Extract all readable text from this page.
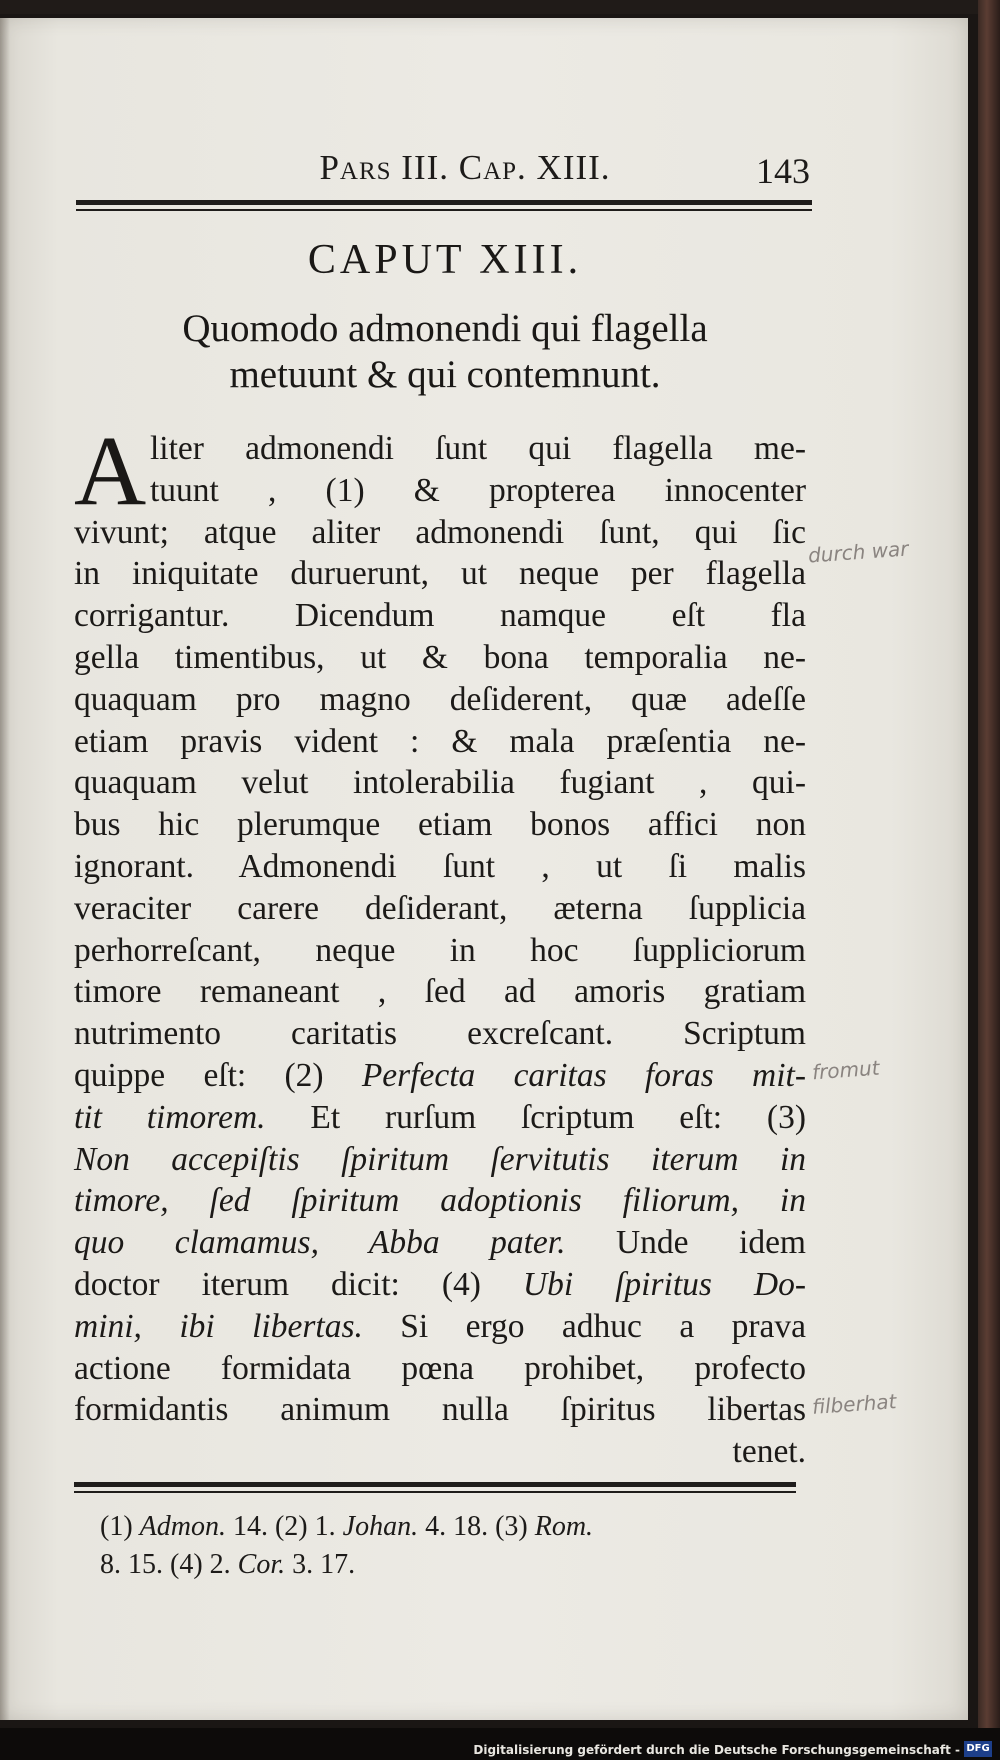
Pars III. Cap. XIII.	143
CAPUT XIII.
Quomodo admonendi qui flagella
metuunt & qui contemnunt.
A liter admonendi ſunt qui flagella me-
tuunt , (1) & propterea innocenter
vivunt; atque aliter admonendi ſunt, qui ſic
in iniquitate duruerunt, ut neque per flagella
corrigantur. Dicendum namque eſt fla
gella timentibus, ut & bona temporalia ne-
quaquam pro magno deſiderent, quæ adeſſe
etiam pravis vident : & mala præſentia ne-
quaquam velut intolerabilia fugiant , qui-
bus hic plerumque etiam bonos affici non
ignorant. Admonendi ſunt , ut ſi malis
veraciter carere deſiderant, æterna ſupplicia
perhorreſcant, neque in hoc ſuppliciorum
timore remaneant , ſed ad amoris gratiam
nutrimento caritatis excreſcant. Scriptum
quippe eſt: (2) Perfecta caritas foras mit-
tit timorem. Et rurſum ſcriptum eſt: (3)
Non accepiſtis ſpiritum ſervitutis iterum in
timore, ſed ſpiritum adoptionis filiorum, in
quo clamamus, Abba pater. Unde idem
doctor iterum dicit: (4) Ubi ſpiritus Do-
mini, ibi libertas. Si ergo adhuc a prava
actione formidata pœna prohibet, profecto
formidantis animum nulla ſpiritus libertas
tenet.
durch war
fromut
filberhat
(1) Admon. 14. (2) 1. Johan. 4. 18. (3) Rom.
8. 15. (4) 2. Cor. 3. 17.
Digitalisierung gefördert durch die Deutsche Forschungsgemeinschaft - DFG
